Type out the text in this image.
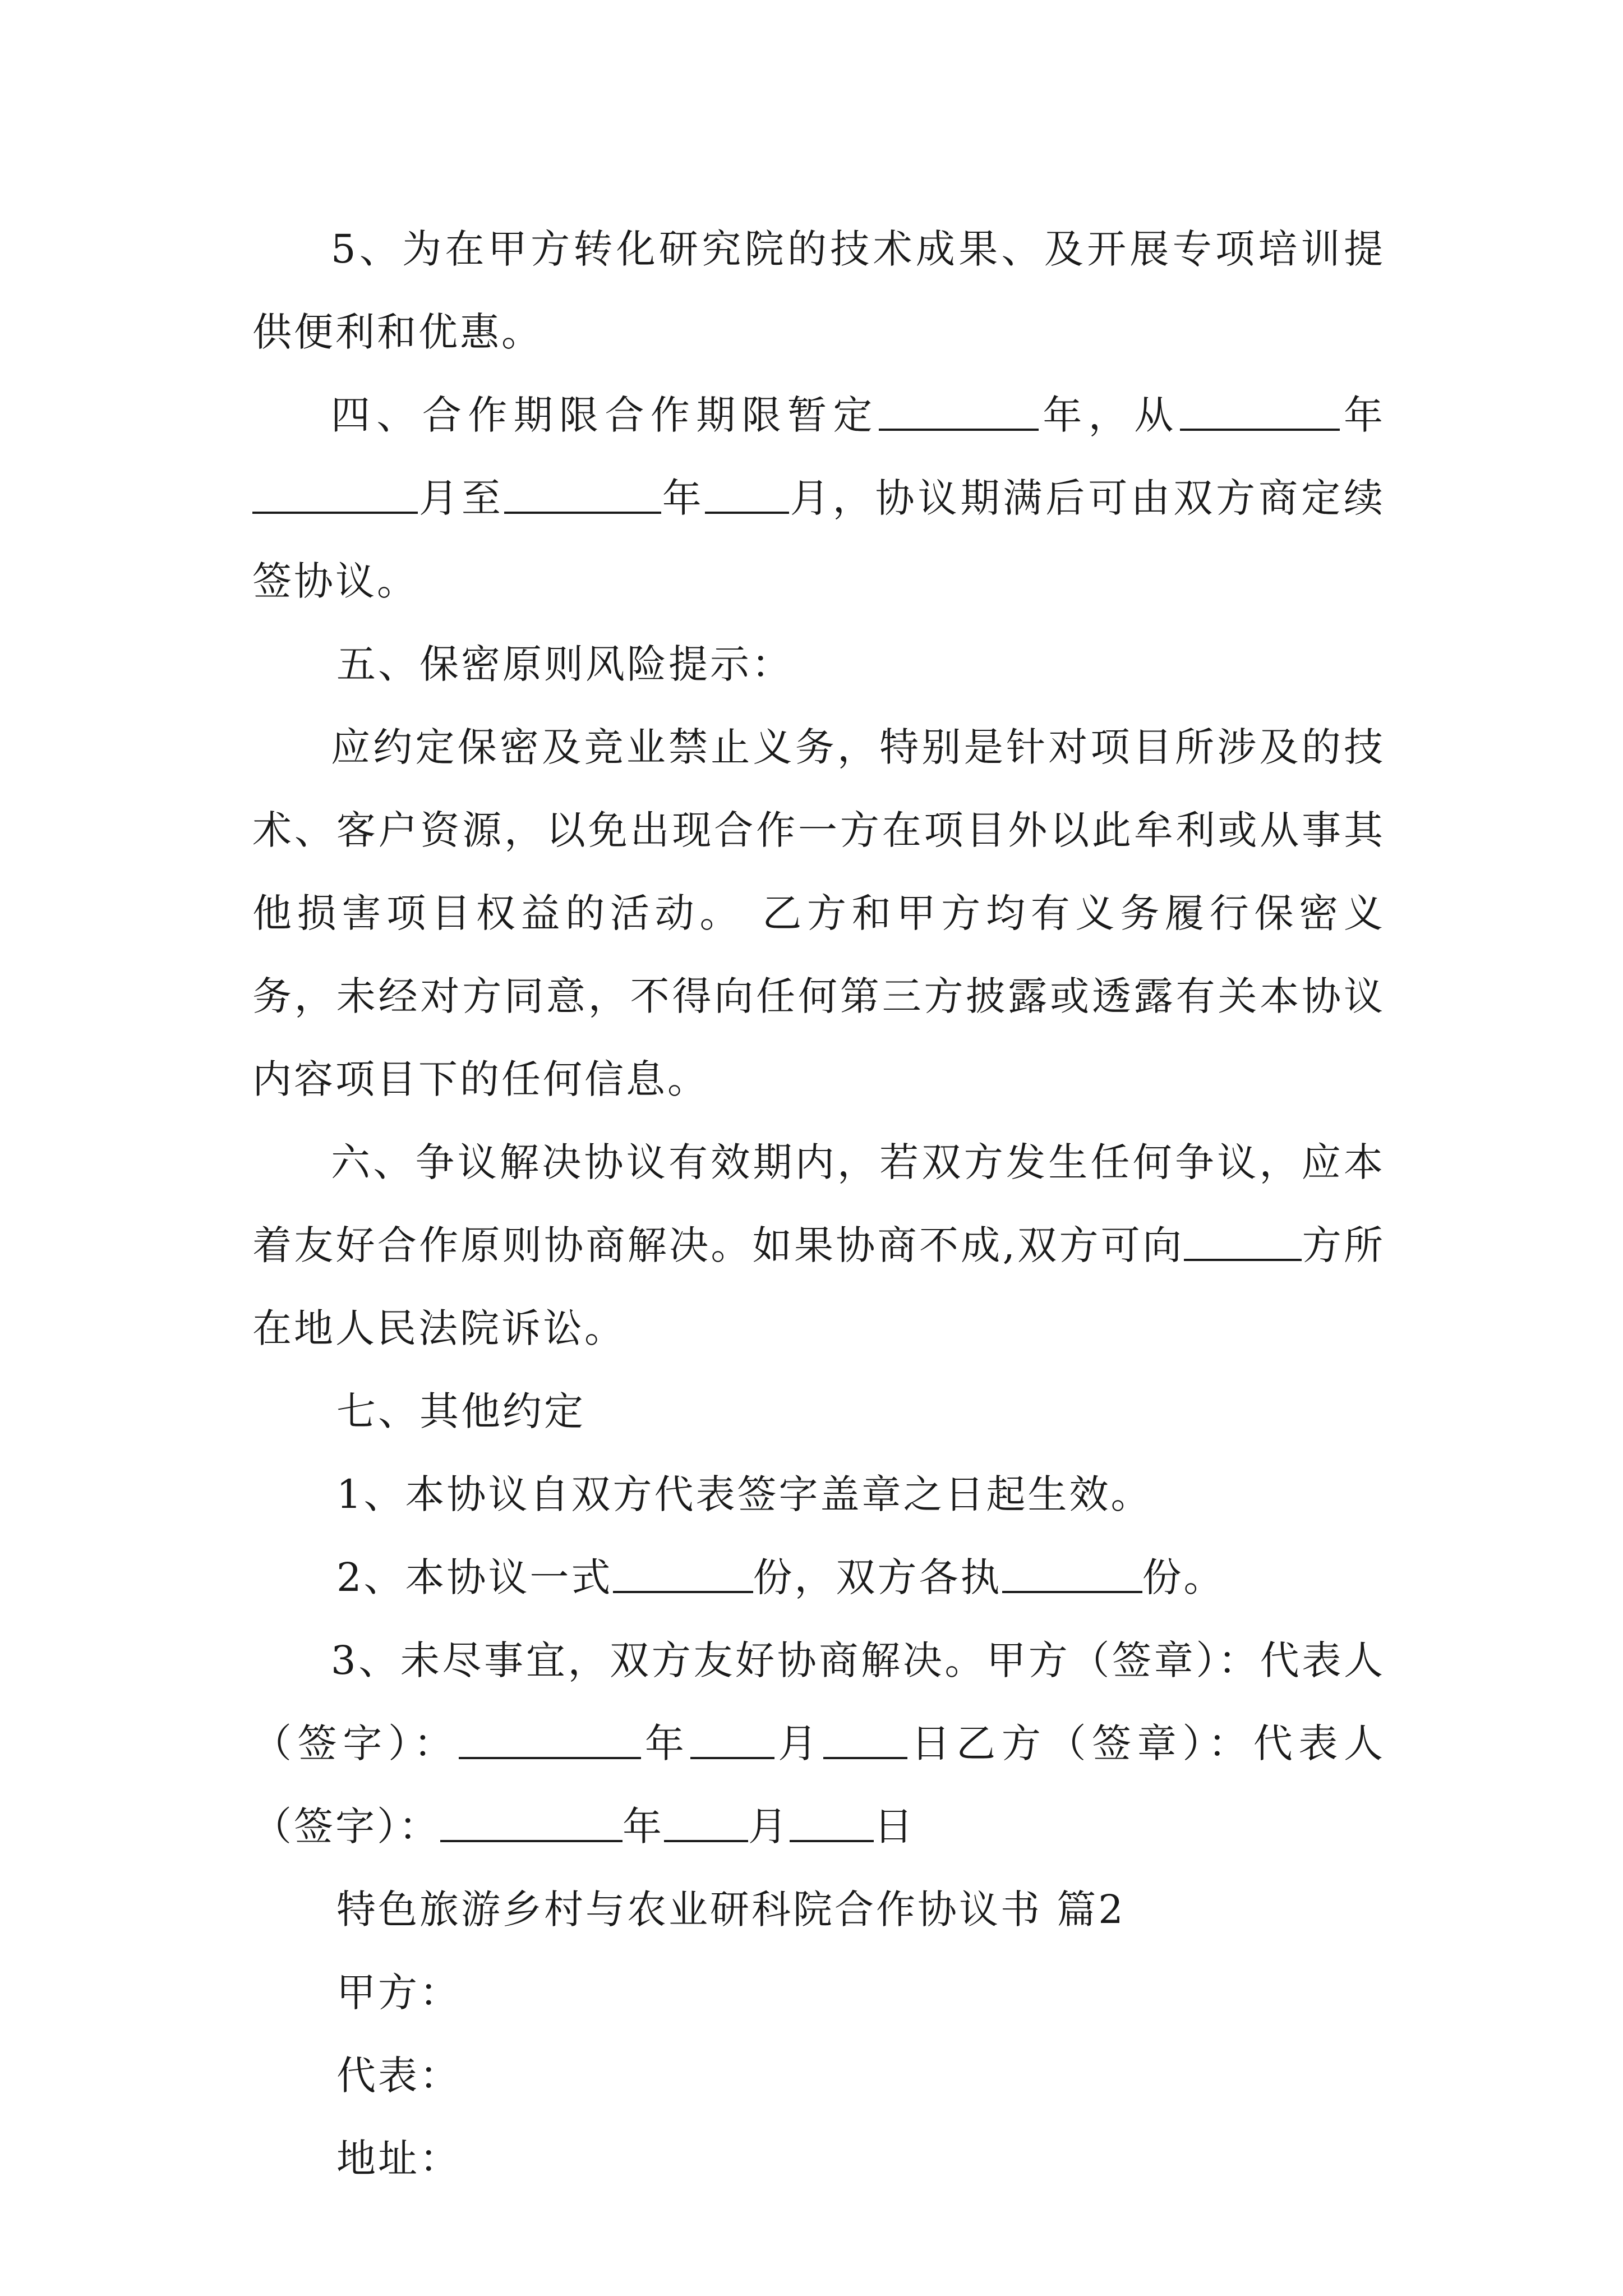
5、为在甲方转化研究院的技术成果、及开展专项培训提供便利和优惠。

四、合作期限合作期限暂定	年，从	年月至	年 月，协议期满后可由双方商定续签协议。

五、保密原则风险提示：

应约定保密及竞业禁止义务，特别是针对项目所涉及的技术、客户资源，以免出现合作一方在项目外以此牟利或从事其他损害项目权益的活动。 乙方和甲方均有义务履行保密义务，未经对方同意，不得向任何第三方披露或透露有关本协议内容项目下的任何信息。

六、争议解决协议有效期内，若双方发生任何争议，应本着友好合作原则协商解决。如果协商不成,双方可向	方所在地人民法院诉讼。

七、其他约定

1、本协议自双方代表签字盖章之日起生效。

2、本协议一式	份，双方各执	份。

3、未尽事宜，双方友好协商解决。甲方（签章）：代表人（签字）：	年 月 日乙方（签章）：代表人（签字）：	年 月 日

特色旅游乡村与农业研科院合作协议书 篇2

甲方：

代表：

地址：
